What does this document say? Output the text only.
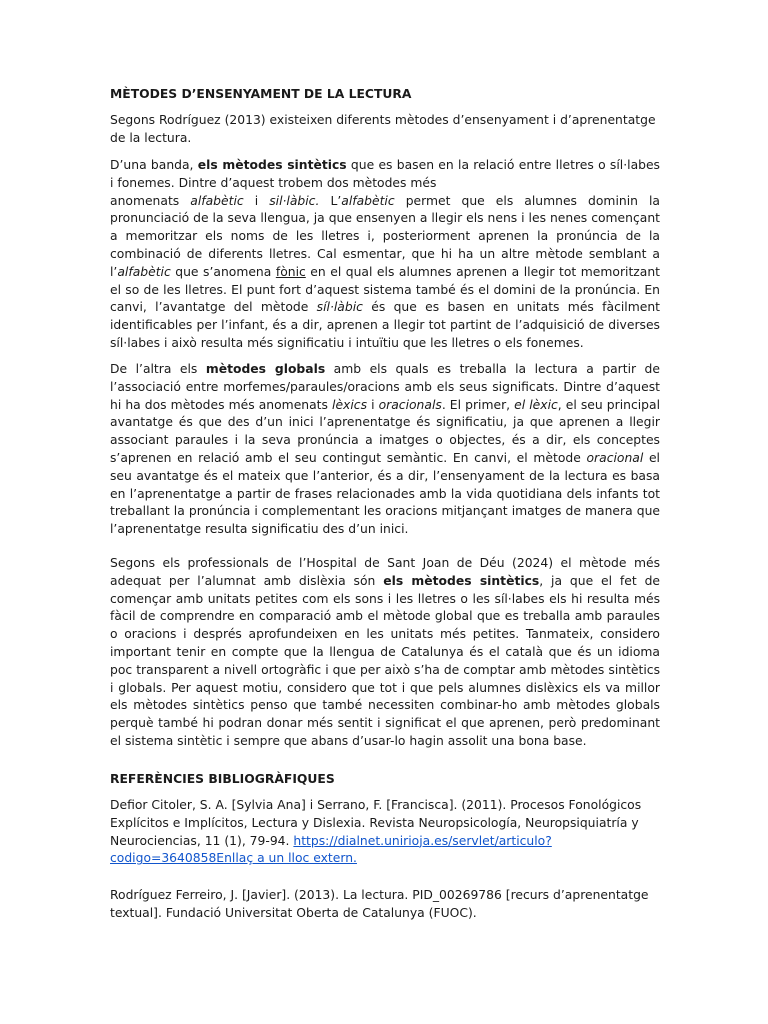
MÈTODES D’ENSENYAMENT DE LA LECTURA

Segons Rodríguez (2013) existeixen diferents mètodes d’ensenyament i d’aprenentatge de la lectura.

D’una banda, els mètodes sintètics que es basen en la relació entre lletres o síl·labes i fonemes. Dintre d’aquest trobem dos mètodes més
anomenats alfabètic i sil·làbic. L’alfabètic permet que els alumnes dominin la pronunciació de la seva llengua, ja que ensenyen a llegir els nens i les nenes començant a memoritzar els noms de les lletres i, posteriorment aprenen la pronúncia de la combinació de diferents lletres. Cal esmentar, que hi ha un altre mètode semblant a l’alfabètic que s’anomena fònic en el qual els alumnes aprenen a llegir tot memoritzant el so de les lletres. El punt fort d’aquest sistema també és el domini de la pronúncia. En canvi, l’avantatge del mètode síl·làbic és que es basen en unitats més fàcilment identificables per l’infant, és a dir, aprenen a llegir tot partint de l’adquisició de diverses síl·labes i això resulta més significatiu i intuïtiu que les lletres o els fonemes.

De l’altra els mètodes globals amb els quals es treballa la lectura a partir de l’associació entre morfemes/paraules/oracions amb els seus significats. Dintre d’aquest hi ha dos mètodes més anomenats lèxics i oracionals. El primer, el lèxic, el seu principal avantatge és que des d’un inici l’aprenentatge és significatiu, ja que aprenen a llegir associant paraules i la seva pronúncia a imatges o objectes, és a dir, els conceptes s’aprenen en relació amb el seu contingut semàntic. En canvi, el mètode oracional el seu avantatge és el mateix que l’anterior, és a dir, l’ensenyament de la lectura es basa en l’aprenentatge a partir de frases relacionades amb la vida quotidiana dels infants tot treballant la pronúncia i complementant les oracions mitjançant imatges de manera que l’aprenentatge resulta significatiu des d’un inici.

Segons els professionals de l’Hospital de Sant Joan de Déu (2024) el mètode més adequat per l’alumnat amb dislèxia són els mètodes sintètics, ja que el fet de començar amb unitats petites com els sons i les lletres o les síl·labes els hi resulta més fàcil de comprendre en comparació amb el mètode global que es treballa amb paraules o oracions i després aprofundeixen en les unitats més petites. Tanmateix, considero important tenir en compte que la llengua de Catalunya és el català que és un idioma poc transparent a nivell ortogràfic i que per això s’ha de comptar amb mètodes sintètics i globals. Per aquest motiu, considero que tot i que pels alumnes dislèxics els va millor els mètodes sintètics penso que també necessiten combinar-ho amb mètodes globals perquè també hi podran donar més sentit i significat el que aprenen, però predominant el sistema sintètic i sempre que abans d’usar-lo hagin assolit una bona base.

REFERÈNCIES BIBLIOGRÀFIQUES

Defior Citoler, S. A. [Sylvia Ana] i Serrano, F. [Francisca]. (2011). Procesos Fonológicos Explícitos e Implícitos, Lectura y Dislexia. Revista Neuropsicología, Neuropsiquiatría y Neurociencias, 11 (1), 79-94. https://dialnet.unirioja.es/servlet/articulo?codigo=3640858Enllaç a un lloc extern.

Rodríguez Ferreiro, J. [Javier]. (2013). La lectura. PID_00269786 [recurs d’aprenentatge textual]. Fundació Universitat Oberta de Catalunya (FUOC).
